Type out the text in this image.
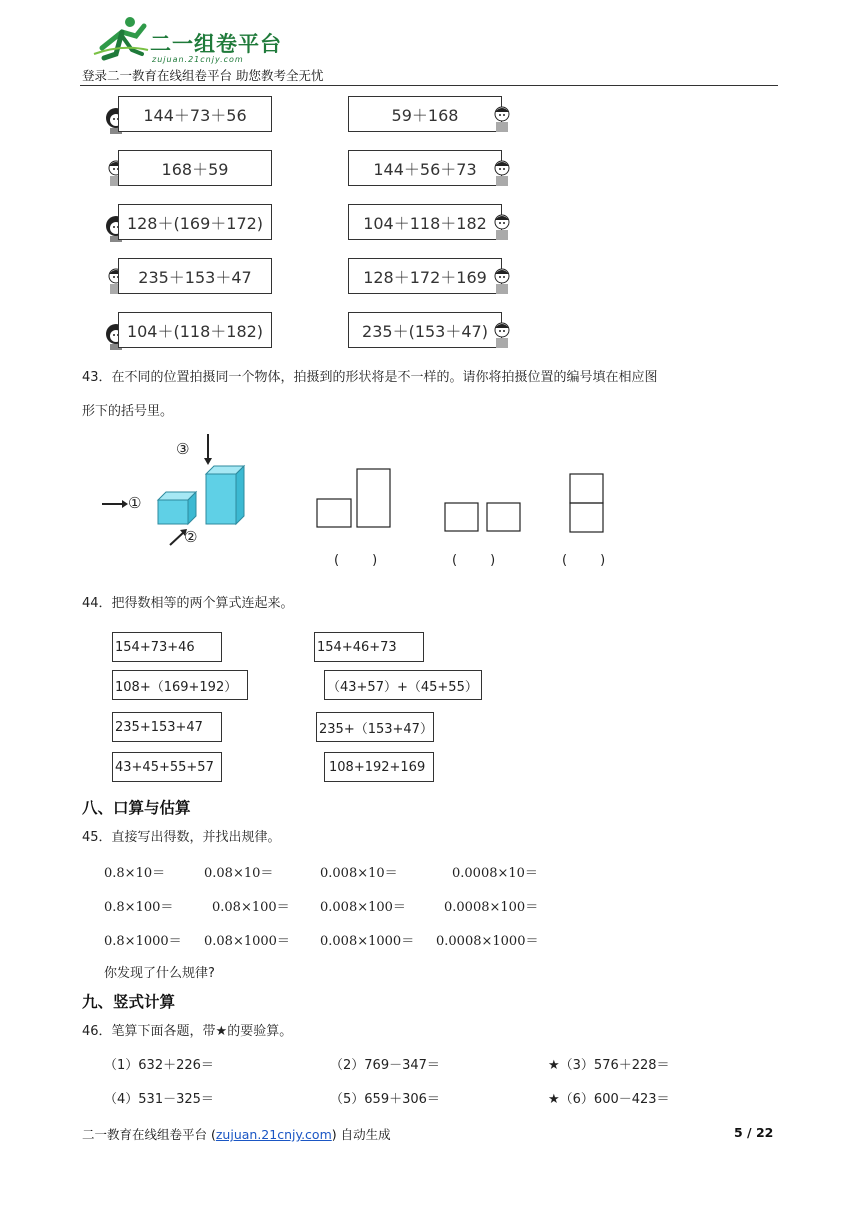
二一组卷平台
zujuan.21cnjy.com
登录二一教育在线组卷平台 助您教考全无忧
144＋73＋56
168＋59
128＋(169＋172)
235＋153＋47
104＋(118＋182)
59＋168
144＋56＋73
104＋118＋182
128＋172＋169
235＋(153＋47)
43．在不同的位置拍摄同一个物体，拍摄到的形状将是不一样的。请你将拍摄位置的编号填在相应图
形下的括号里。
①
②
③
(        )	(        )	(        )
44．把得数相等的两个算式连起来。
154+73+46
108+（169+192）
235+153+47
43+45+55+57
154+46+73
（43+57）+（45+55）
235+（153+47）
108+192+169
八、口算与估算
45．直接写出得数，并找出规律。
0.8×10＝	0.08×10＝	0.008×10＝	0.0008×10＝
0.8×100＝	0.08×100＝ 0.008×100＝	0.0008×100＝
0.8×1000＝ 0.08×1000＝ 0.008×1000＝ 0.0008×1000＝
你发现了什么规律?
九、竖式计算
46．笔算下面各题，带★的要验算。
（1）632＋226＝	（2）769－347＝	★（3）576＋228＝
（4）531－325＝	（5）659＋306＝	★（6）600－423＝
二一教育在线组卷平台 (zujuan.21cnjy.com) 自动生成	5 / 22
